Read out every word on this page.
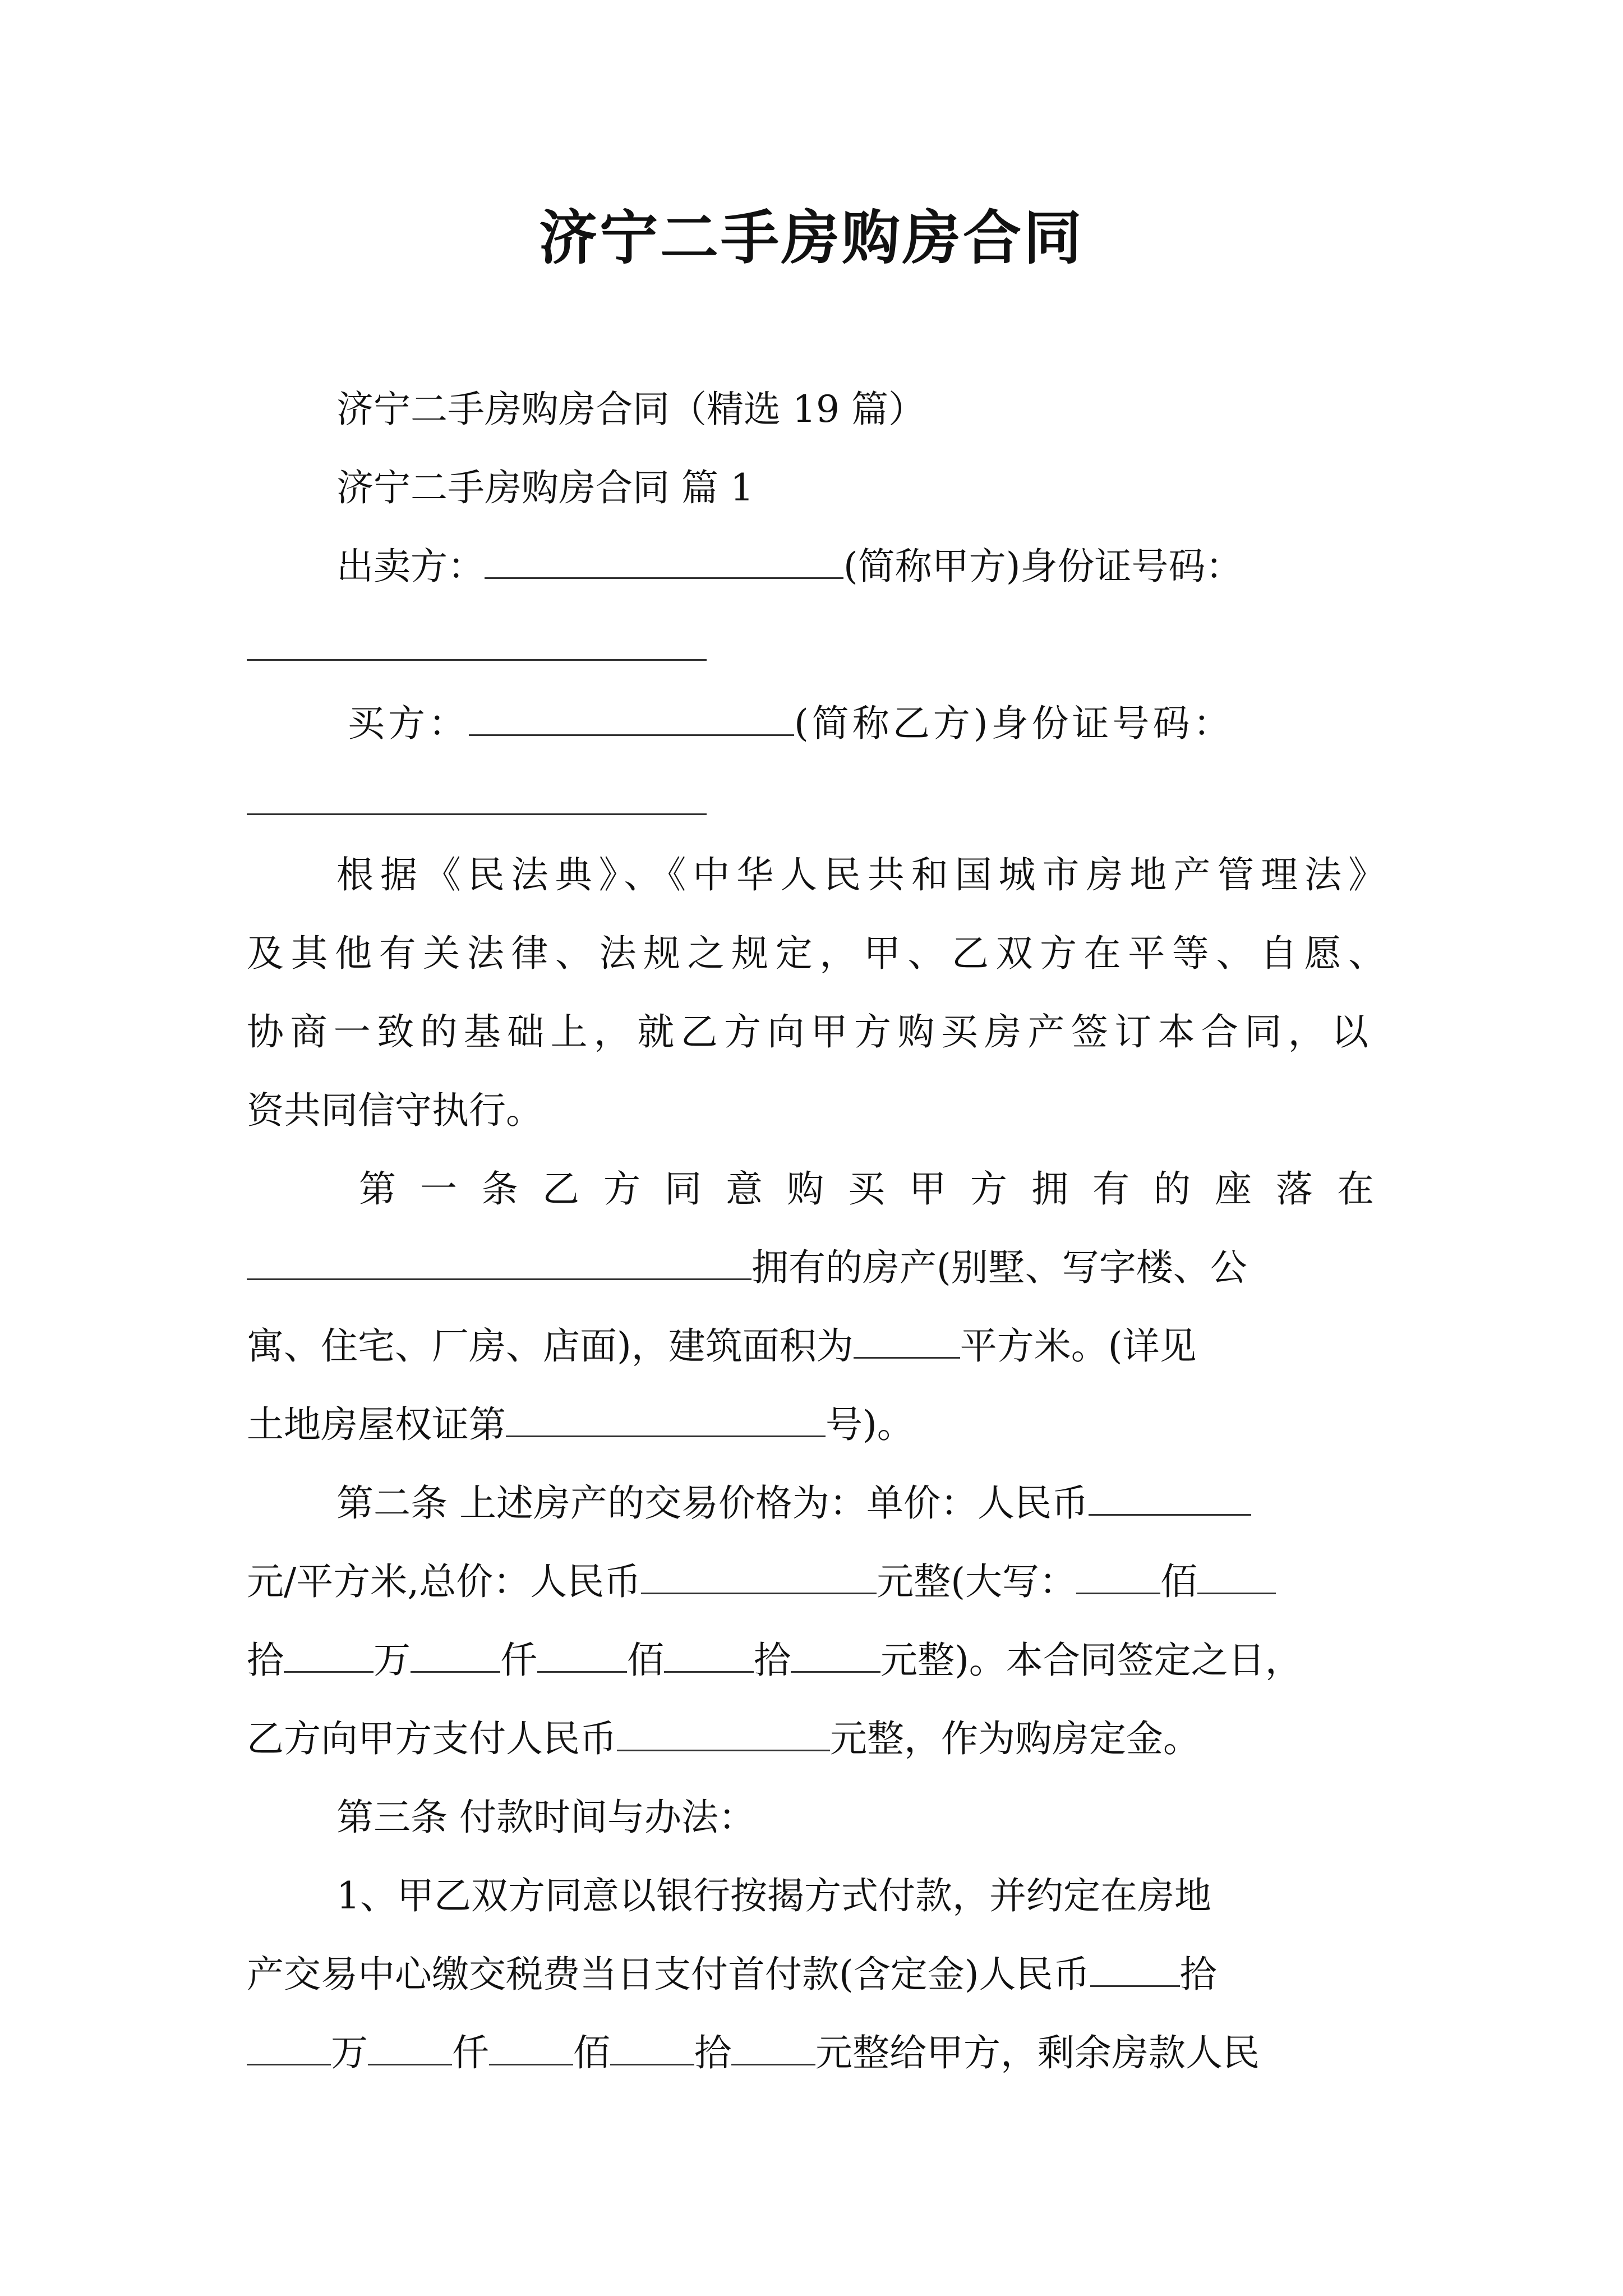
济宁二手房购房合同
济宁二手房购房合同（精选 19 篇）
济宁二手房购房合同 篇 1
出卖方：	(简称甲方)身份证号码：
买方：	(简称乙方)身份证号码：
根据《民法典》、《中华人民共和国城市房地产管理法》
及其他有关法律、法规之规定，甲、乙双方在平等、自愿、
协商一致的基础上，就乙方向甲方购买房产签订本合同，以
资共同信守执行。
第 一 条 乙 方 同 意 购 买 甲 方 拥 有 的 座 落 在
拥有的房产(别墅、写字楼、公
寓、住宅、厂房、店面)，建筑面积为	平方米。(详见
土地房屋权证第	号)。
第二条 上述房产的交易价格为：单价：人民币
元/平方米,总价：人民币	元整(大写： 佰
拾 万 仟 佰 拾 元整)。本合同签定之日，
乙方向甲方支付人民币	元整，作为购房定金。
第三条 付款时间与办法：
1、甲乙双方同意以银行按揭方式付款，并约定在房地
产交易中心缴交税费当日支付首付款(含定金)人民币 拾
万 仟 佰 拾 元整给甲方，剩余房款人民
